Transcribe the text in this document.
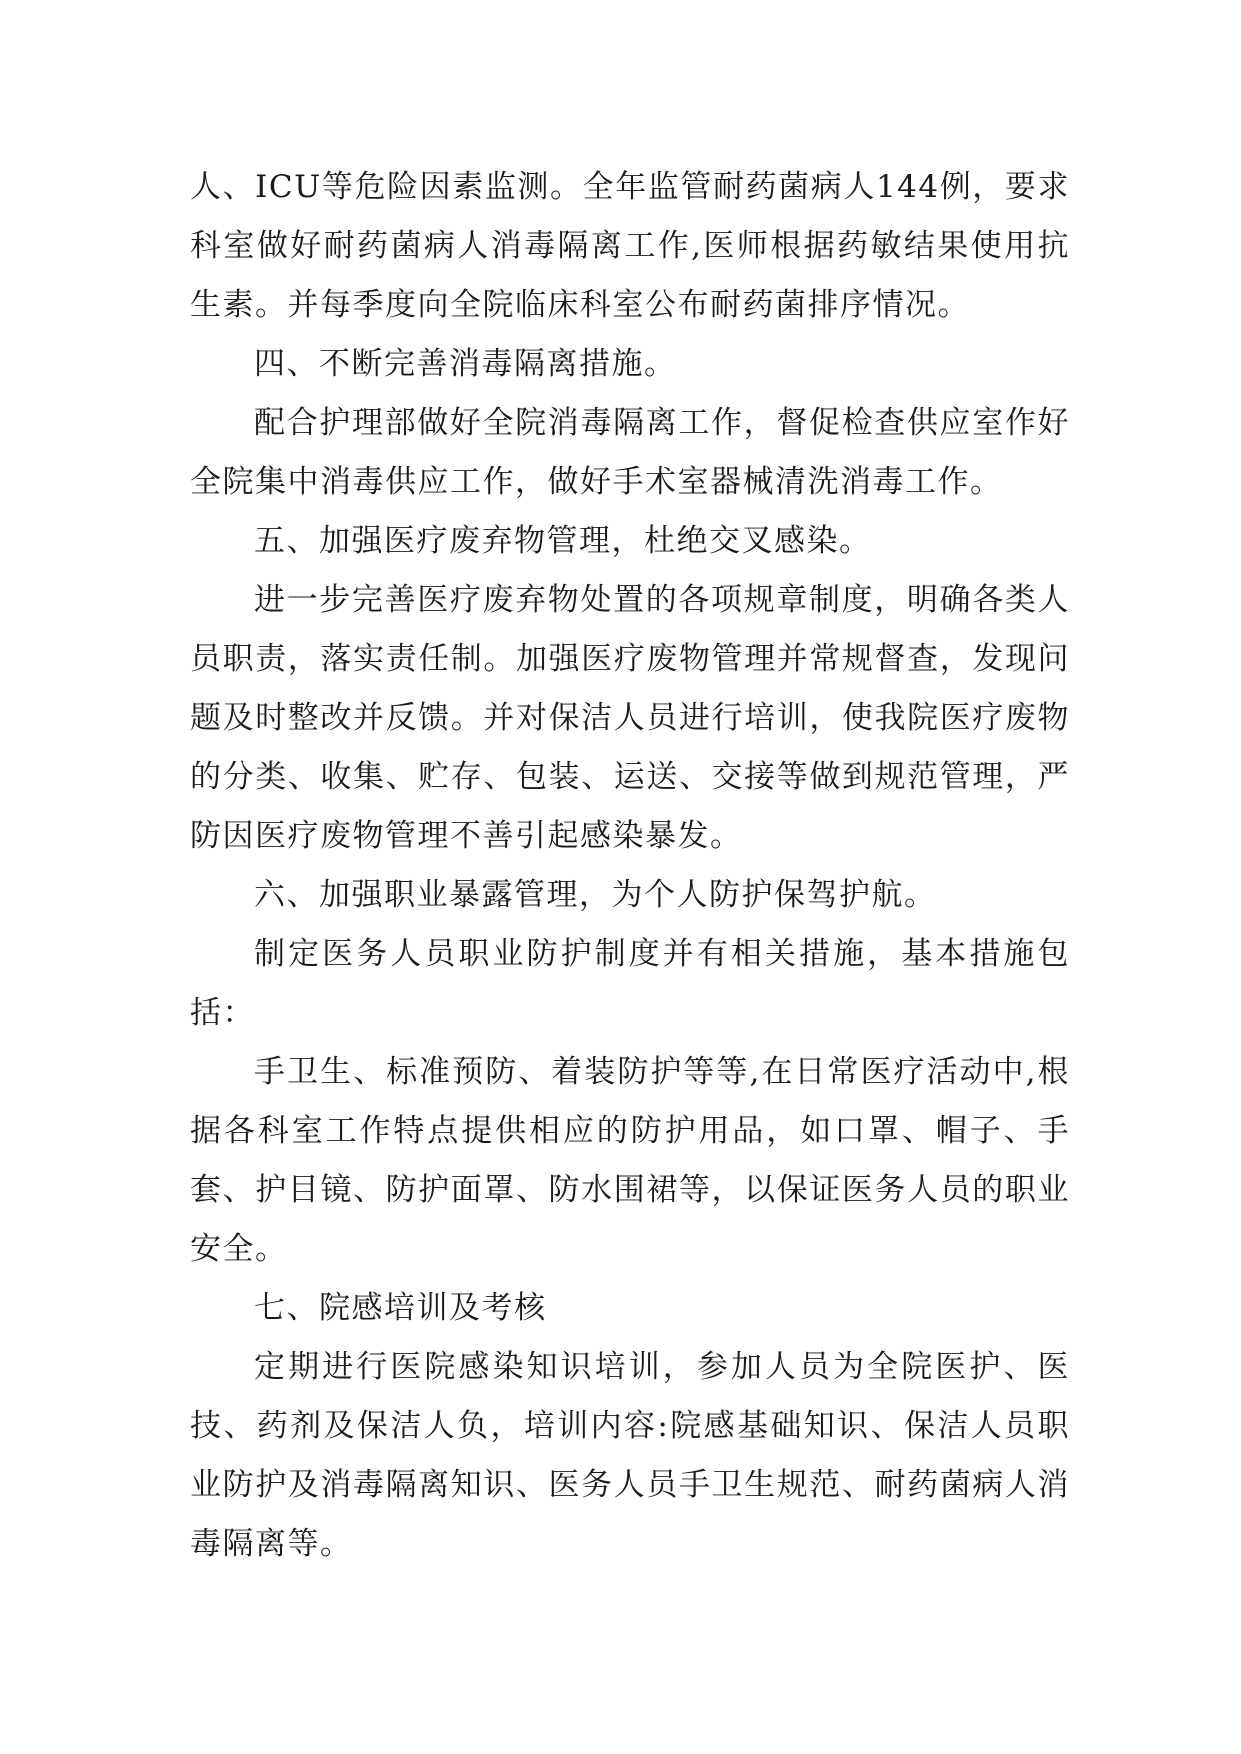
人、ICU等危险因素监测。全年监管耐药菌病人144例，要求科室做好耐药菌病人消毒隔离工作,医师根据药敏结果使用抗生素。并每季度向全院临床科室公布耐药菌排序情况。

四、不断完善消毒隔离措施。

配合护理部做好全院消毒隔离工作，督促检查供应室作好全院集中消毒供应工作，做好手术室器械清洗消毒工作。

五、加强医疗废弃物管理，杜绝交叉感染。

进一步完善医疗废弃物处置的各项规章制度，明确各类人员职责，落实责任制。加强医疗废物管理并常规督查，发现问题及时整改并反馈。并对保洁人员进行培训，使我院医疗废物的分类、收集、贮存、包装、运送、交接等做到规范管理，严防因医疗废物管理不善引起感染暴发。

六、加强职业暴露管理，为个人防护保驾护航。

制定医务人员职业防护制度并有相关措施，基本措施包括：

手卫生、标准预防、着装防护等等,在日常医疗活动中,根据各科室工作特点提供相应的防护用品，如口罩、帽子、手套、护目镜、防护面罩、防水围裙等，以保证医务人员的职业安全。

七、院感培训及考核

定期进行医院感染知识培训，参加人员为全院医护、医技、药剂及保洁人负，培训内容:院感基础知识、保洁人员职业防护及消毒隔离知识、医务人员手卫生规范、耐药菌病人消毒隔离等。
